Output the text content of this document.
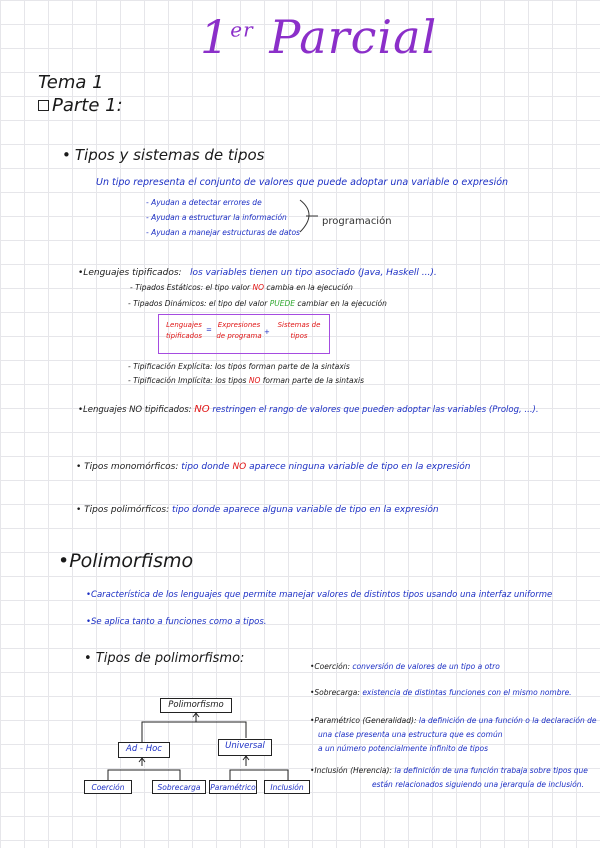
1er Parcial
Tema 1
Parte 1:
• Tipos y sistemas de tipos
Un tipo representa el conjunto de valores que puede adoptar una variable o expresión
- Ayudan a detectar errores de
- Ayudan a estructurar la información
- Ayudan a manejar estructuras de datos
programación
•Lenguajes tipificados: los variables tienen un tipo asociado (Java, Haskell ...).
- Tipados Estáticos: el tipo valor NO cambia en la ejecución
- Tipados Dinámicos: el tipo del valor PUEDE cambiar en la ejecución
Lenguajes
tipificados
=
Expresiones
de programa +
Sistemas de
tipos
- Tipificación Explícita: los tipos forman parte de la sintaxis
- Tipificación Implícita: los tipos NO forman parte de la sintaxis
•Lenguajes NO tipificados: NO restringen el rango de valores que pueden adoptar las variables (Prolog, ...).
• Tipos monomórficos: tipo donde NO aparece ninguna variable de tipo en la expresión
• Tipos polimórficos: tipo donde aparece alguna variable de tipo en la expresión
•Polimorfismo
•Característica de los lenguajes que permite manejar valores de distintos tipos usando una interfaz uniforme
•Se aplica tanto a funciones como a tipos.
• Tipos de polimorfismo:
•Coerción: conversión de valores de un tipo a otro
•Sobrecarga: existencia de distintas funciones con el mismo nombre.
•Paramétrico (Generalidad): la definición de una función o la declaración de
una clase presenta una estructura que es común
a un número potencialmente infinito de tipos
•Inclusión (Herencia): la definición de una función trabaja sobre tipos que
están relacionados siguiendo una jerarquía de inclusión.
Polimorfismo
Ad - Hoc	Universal
Coerción	Sobrecarga	Paramétrico	Inclusión
